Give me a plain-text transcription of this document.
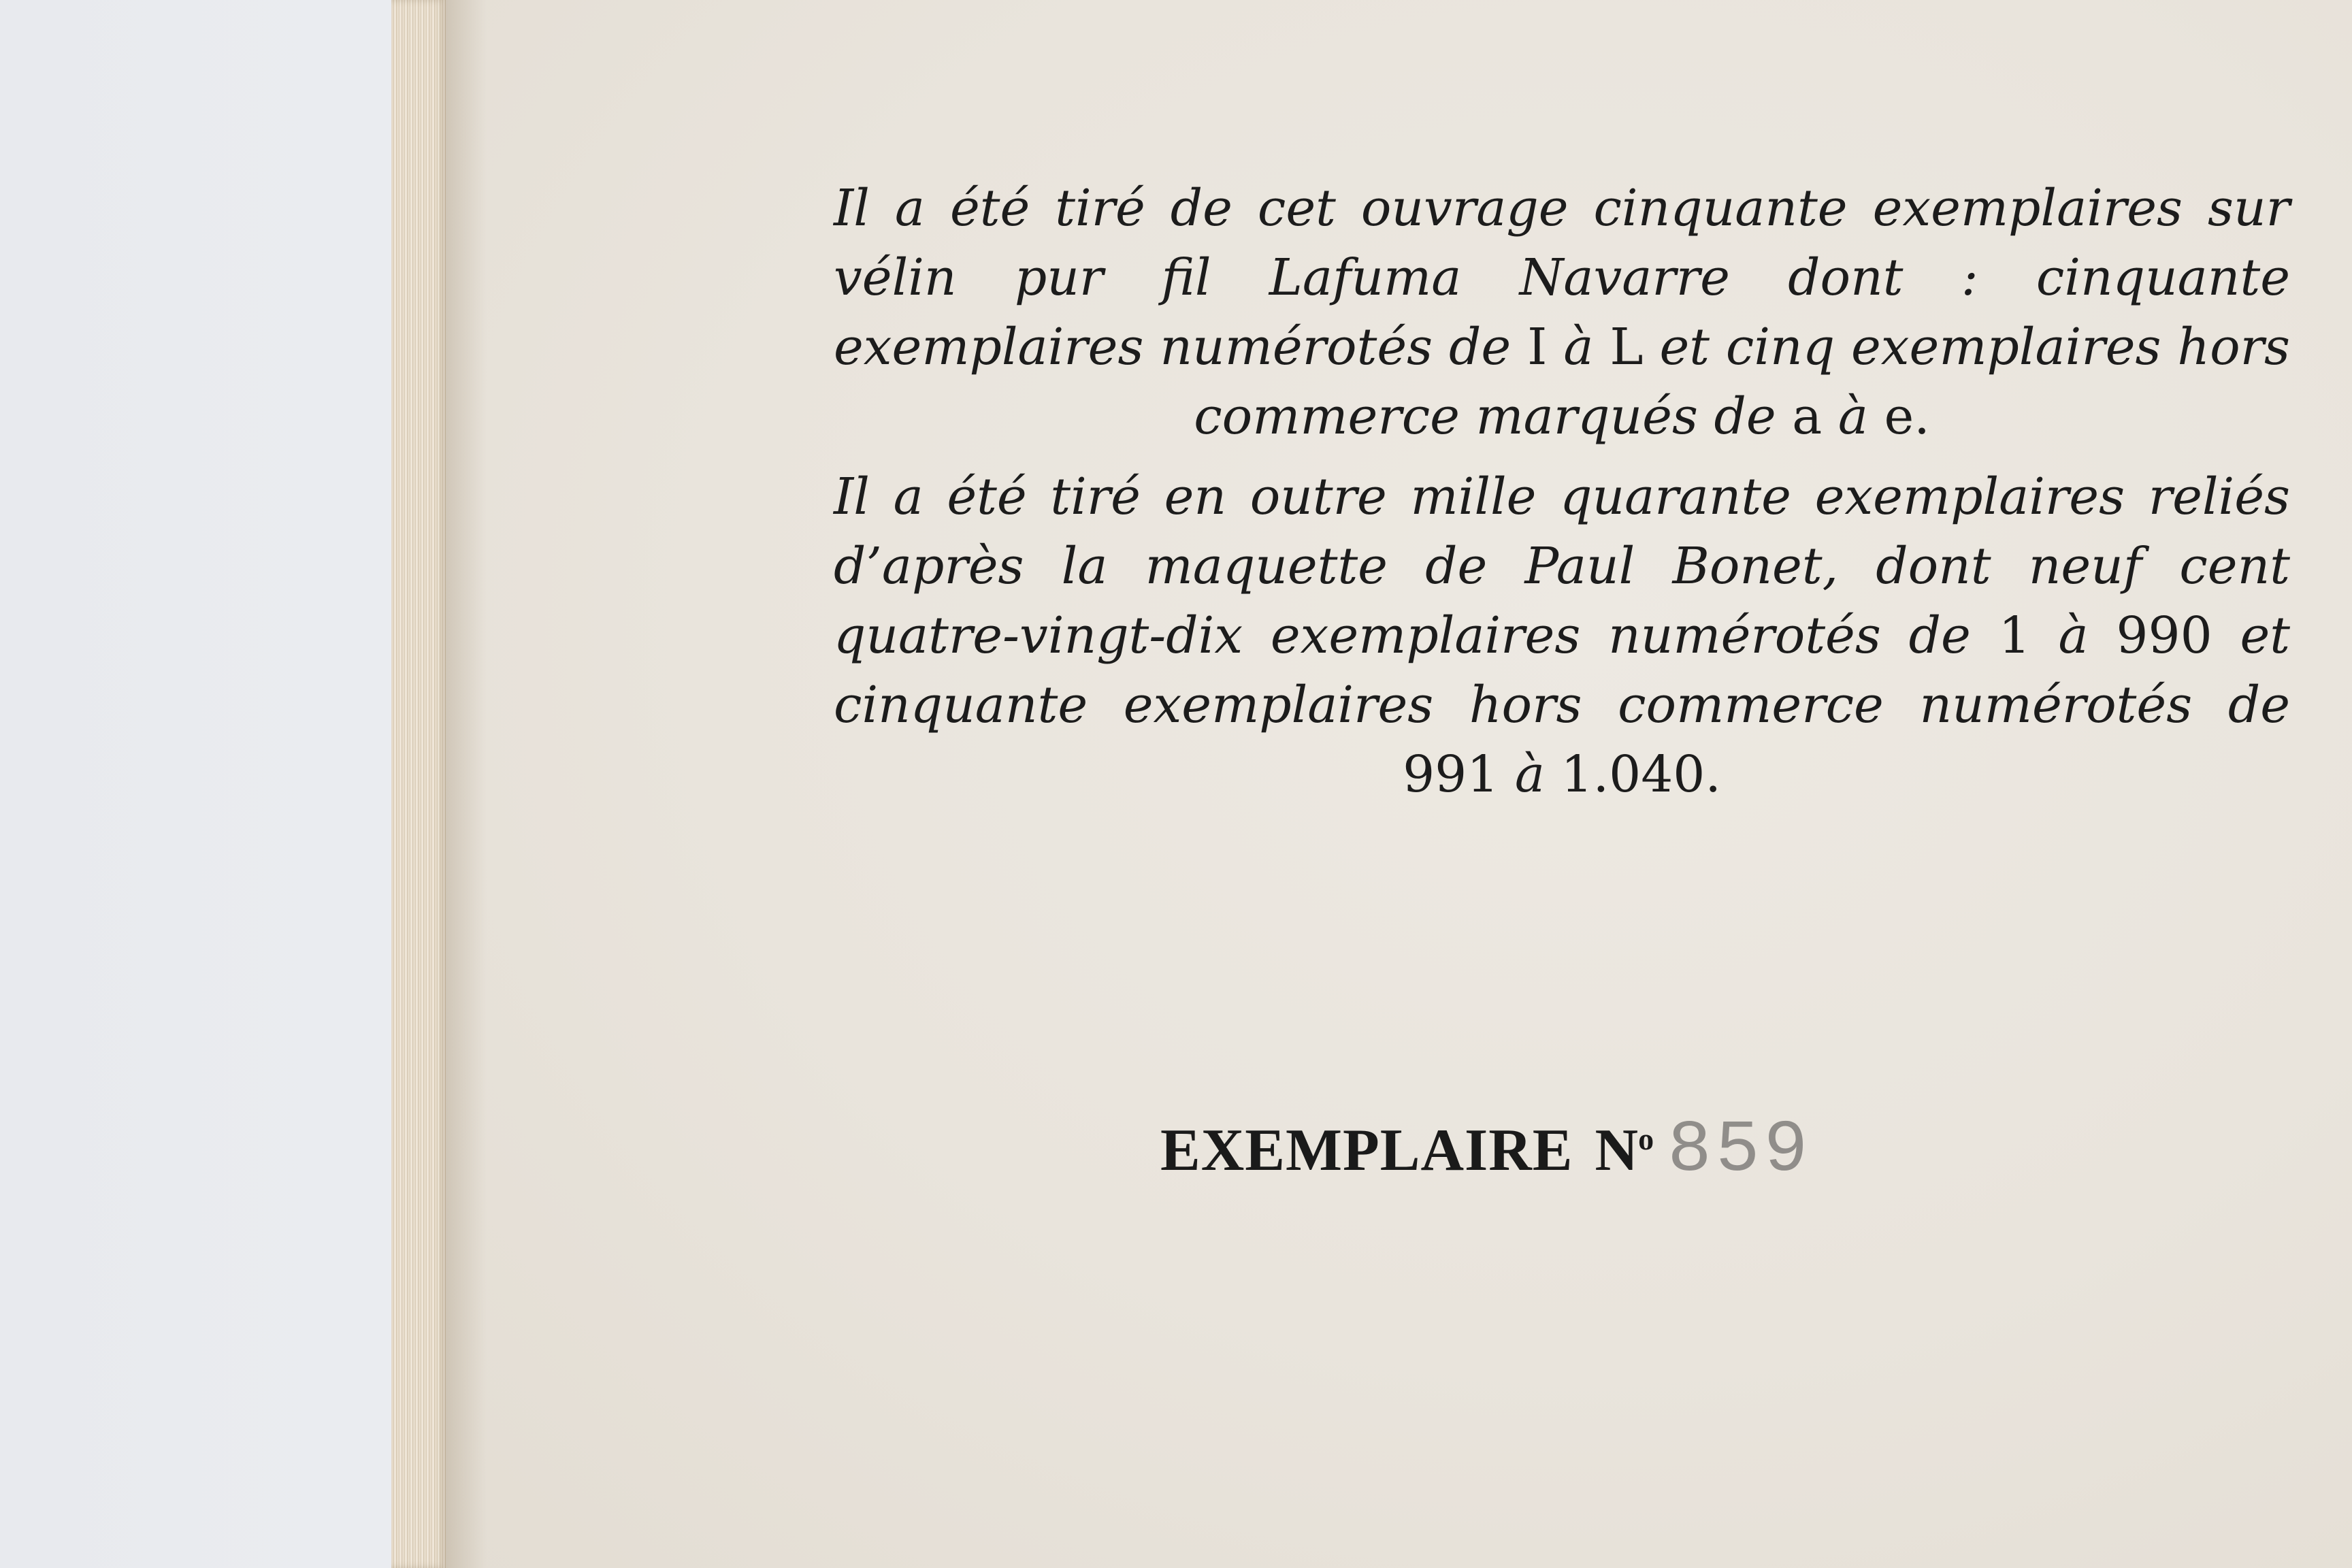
Il a été tiré de cet ouvrage cinquante exemplaires sur vélin pur fil Lafuma Navarre dont : cinquante exemplaires numérotés de I à L et cinq exemplaires hors commerce marqués de a à e.

Il a été tiré en outre mille quarante exemplaires reliés d’après la maquette de Paul Bonet, dont neuf cent quatre-vingt-dix exemplaires numérotés de 1 à 990 et cinquante exemplaires hors commerce numérotés de 991 à 1.040.

EXEMPLAIRE $N^o$ 859
